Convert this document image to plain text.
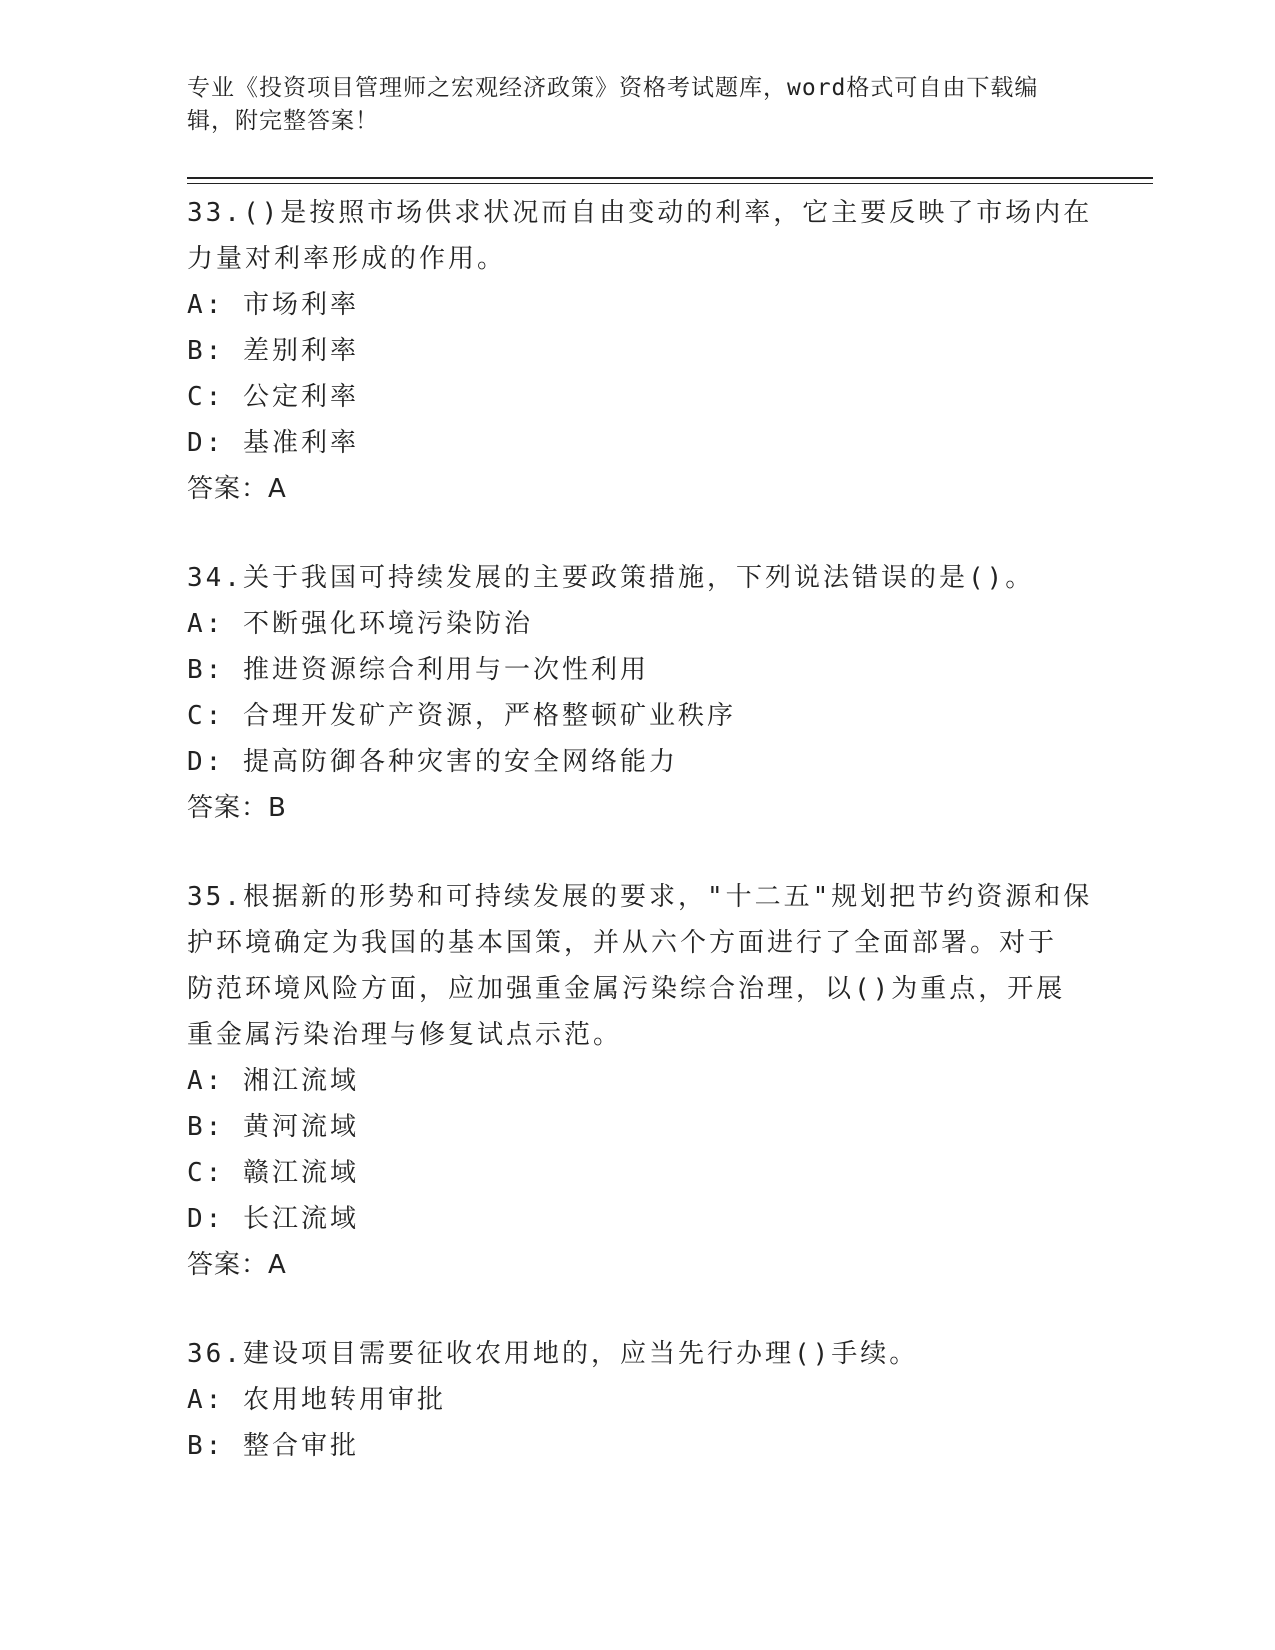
专业《投资项目管理师之宏观经济政策》资格考试题库，word格式可自由下载编
辑，附完整答案！
33.()是按照市场供求状况而自由变动的利率，它主要反映了市场内在
力量对利率形成的作用。
A: 市场利率
B: 差别利率
C: 公定利率
D: 基准利率
答案：A
34.关于我国可持续发展的主要政策措施，下列说法错误的是()。
A: 不断强化环境污染防治
B: 推进资源综合利用与一次性利用
C: 合理开发矿产资源，严格整顿矿业秩序
D: 提高防御各种灾害的安全网络能力
答案：B
35.根据新的形势和可持续发展的要求，"十二五"规划把节约资源和保
护环境确定为我国的基本国策，并从六个方面进行了全面部署。对于
防范环境风险方面，应加强重金属污染综合治理，以()为重点，开展
重金属污染治理与修复试点示范。
A: 湘江流域
B: 黄河流域
C: 赣江流域
D: 长江流域
答案：A
36.建设项目需要征收农用地的，应当先行办理()手续。
A: 农用地转用审批
B: 整合审批
